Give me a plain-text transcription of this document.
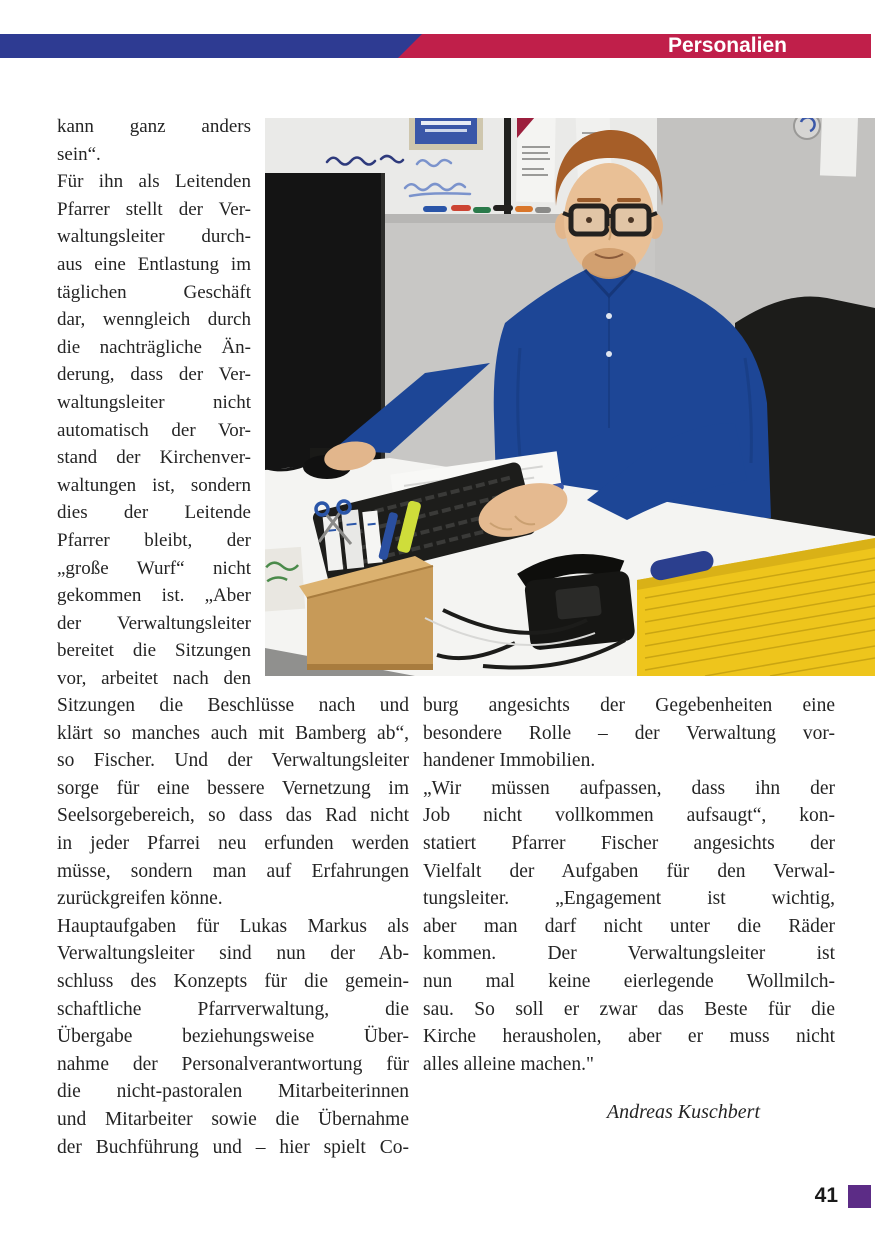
Personalien
kann ganz anders
sein“.
Für ihn als Leitenden
Pfarrer stellt der Ver-
waltungsleiter durch-
aus eine Entlastung im
täglichen Geschäft
dar, wenngleich durch
die nachträgliche Än-
derung, dass der Ver-
waltungsleiter nicht
automatisch der Vor-
stand der Kirchenver-
waltungen ist, sondern
dies der Leitende
Pfarrer bleibt, der
„große Wurf“ nicht
gekommen ist. „Aber
der Verwaltungsleiter
bereitet die Sitzungen
vor, arbeitet nach den
Sitzungen die Beschlüsse nach und
klärt so manches auch mit Bamberg ab“,
so Fischer. Und der Verwaltungsleiter
sorge für eine bessere Vernetzung im
Seelsorgebereich, so dass das Rad nicht
in jeder Pfarrei neu erfunden werden
müsse, sondern man auf Erfahrungen
zurückgreifen könne.
Hauptaufgaben für Lukas Markus als
Verwaltungsleiter sind nun der Ab-
schluss des Konzepts für die gemein-
schaftliche Pfarrverwaltung, die
Übergabe beziehungsweise Über-
nahme der Personalverantwortung für
die nicht-pastoralen Mitarbeiterinnen
und Mitarbeiter sowie die Übernahme
der Buchführung und – hier spielt Co-
burg angesichts der Gegebenheiten eine
besondere Rolle – der Verwaltung vor-
handener Immobilien.
„Wir müssen aufpassen, dass ihn der
Job nicht vollkommen aufsaugt“, kon-
statiert Pfarrer Fischer angesichts der
Vielfalt der Aufgaben für den Verwal-
tungsleiter. „Engagement ist wichtig,
aber man darf nicht unter die Räder
kommen. Der Verwaltungsleiter ist
nun mal keine eierlegende Wollmilch-
sau. So soll er zwar das Beste für die
Kirche herausholen, aber er muss nicht
alles alleine machen."
Andreas Kuschbert
41
